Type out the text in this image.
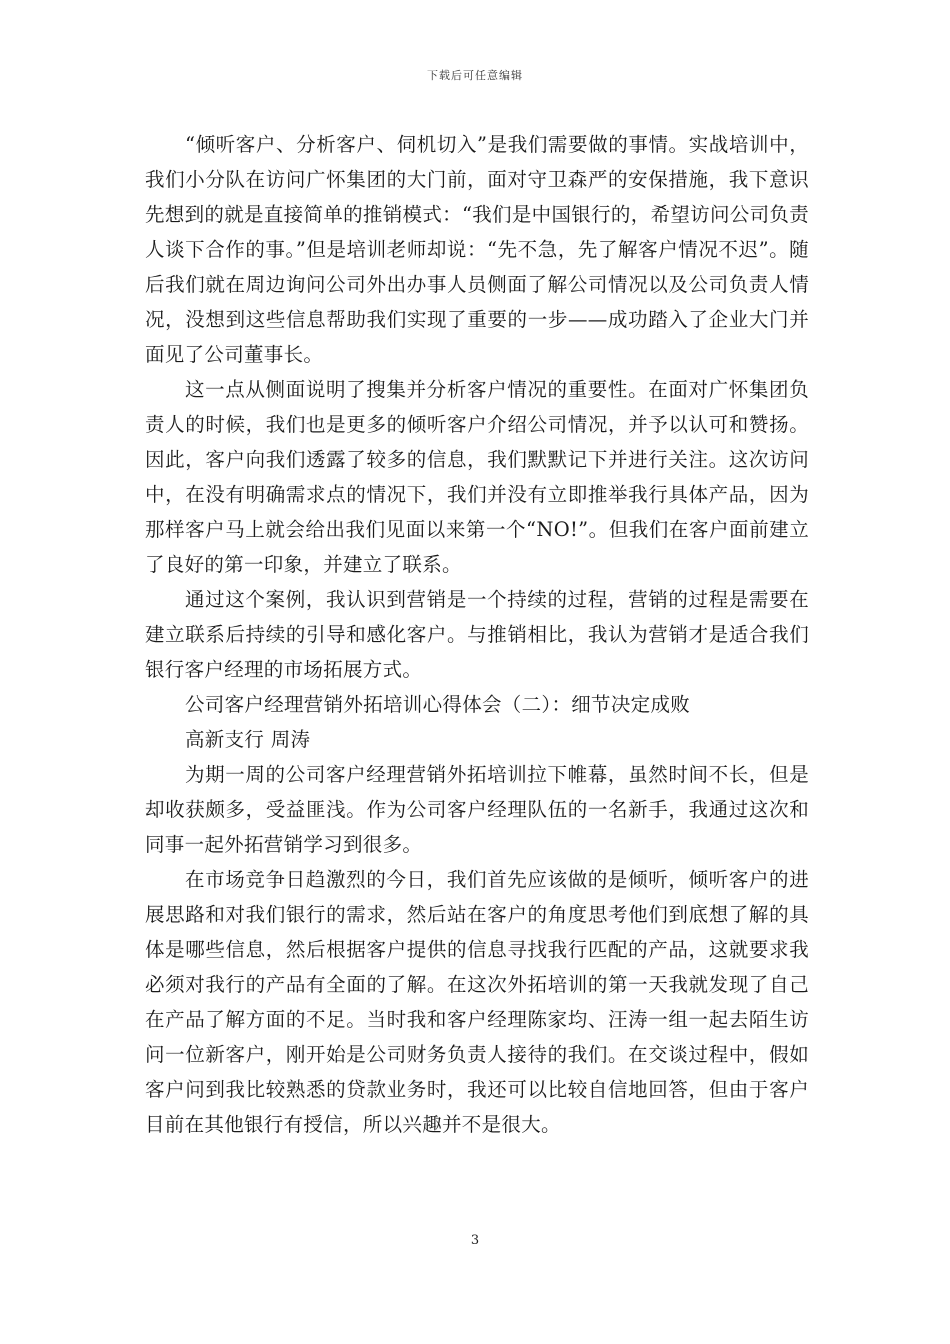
下载后可任意编辑

“倾听客户、分析客户、伺机切入”是我们需要做的事情。实战培训中，我们小分队在访问广怀集团的大门前，面对守卫森严的安保措施，我下意识先想到的就是直接简单的推销模式：“我们是中国银行的，希望访问公司负责人谈下合作的事。”但是培训老师却说：“先不急，先了解客户情况不迟”。随后我们就在周边询问公司外出办事人员侧面了解公司情况以及公司负责人情况，没想到这些信息帮助我们实现了重要的一步——成功踏入了企业大门并面见了公司董事长。

这一点从侧面说明了搜集并分析客户情况的重要性。在面对广怀集团负责人的时候，我们也是更多的倾听客户介绍公司情况，并予以认可和赞扬。因此，客户向我们透露了较多的信息，我们默默记下并进行关注。这次访问中，在没有明确需求点的情况下，我们并没有立即推举我行具体产品，因为那样客户马上就会给出我们见面以来第一个“NO!”。但我们在客户面前建立了良好的第一印象，并建立了联系。

通过这个案例，我认识到营销是一个持续的过程，营销的过程是需要在建立联系后持续的引导和感化客户。与推销相比，我认为营销才是适合我们银行客户经理的市场拓展方式。

公司客户经理营销外拓培训心得体会（二）：细节决定成败

高新支行 周涛

为期一周的公司客户经理营销外拓培训拉下帷幕，虽然时间不长，但是却收获颇多，受益匪浅。作为公司客户经理队伍的一名新手，我通过这次和同事一起外拓营销学习到很多。

在市场竞争日趋激烈的今日，我们首先应该做的是倾听，倾听客户的进展思路和对我们银行的需求，然后站在客户的角度思考他们到底想了解的具体是哪些信息，然后根据客户提供的信息寻找我行匹配的产品，这就要求我必须对我行的产品有全面的了解。在这次外拓培训的第一天我就发现了自己在产品了解方面的不足。当时我和客户经理陈家均、汪涛一组一起去陌生访问一位新客户，刚开始是公司财务负责人接待的我们。在交谈过程中，假如客户问到我比较熟悉的贷款业务时，我还可以比较自信地回答，但由于客户目前在其他银行有授信，所以兴趣并不是很大。

3
